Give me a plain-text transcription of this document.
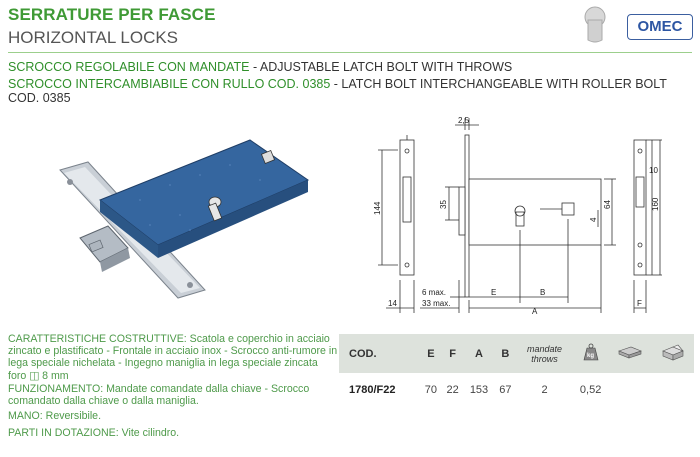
SERRATURE PER FASCE
HORIZONTAL LOCKS
OMEC
SCROCCO REGOLABILE CON MANDATE - ADJUSTABLE LATCH BOLT WITH THROWS
SCROCCO INTERCAMBIABILE CON RULLO COD. 0385 - LATCH BOLT INTERCHANGEABLE WITH ROLLER BOLT COD. 0385
2,5
144	35	64
4
10
160
6 max.
33 max.
14
E	B
A
F
CARATTERISTICHE COSTRUTTIVE: Scatola e coperchio in acciaio zincato e plastificato - Frontale in acciaio inox - Scrocco anti-rumore in lega speciale nichelata - Ingegno maniglia in lega speciale zincata foro ◫ 8 mm
FUNZIONAMENTO: Mandate comandate dalla chiave - Scrocco comandato dalla chiave o dalla maniglia.
MANO: Reversibile.
PARTI IN DOTAZIONE: Vite cilindro.
COD.	E	F	A	B	mandate
throws	kg

1780/F22	70	22	153	67	2	0,52		
